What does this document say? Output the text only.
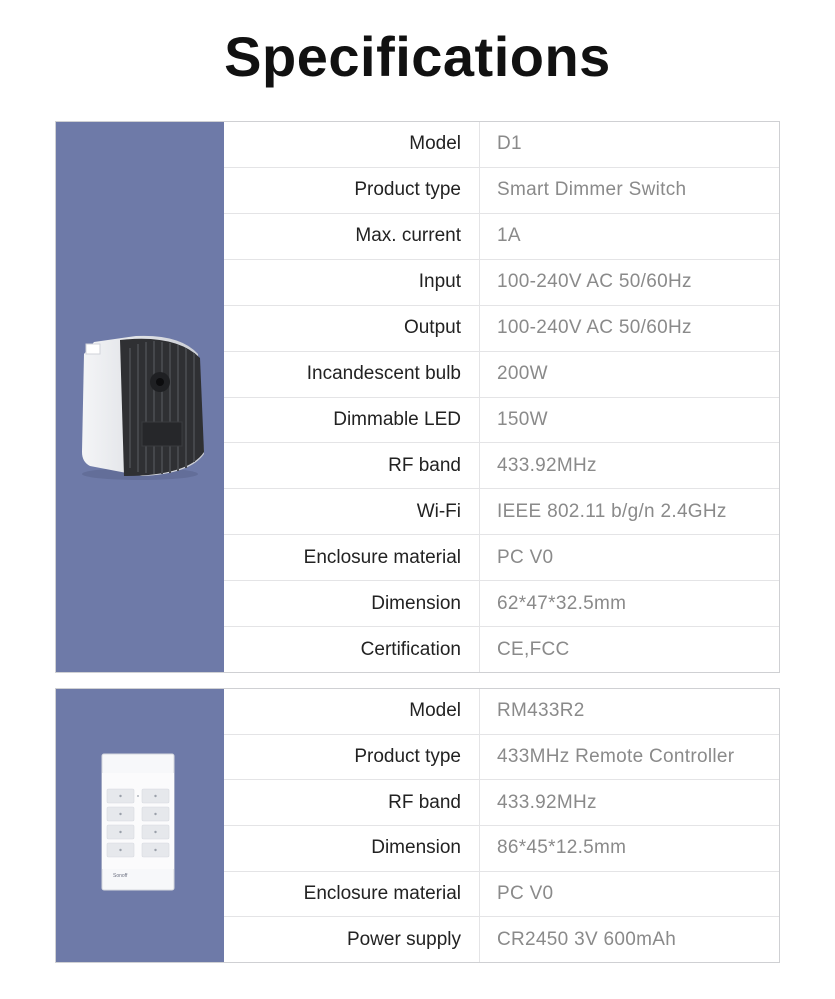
Specifications
Model	D1
Product type	Smart Dimmer Switch
Max. current	1A
Input	100-240V AC 50/60Hz
Output	100-240V AC 50/60Hz
Incandescent bulb	200W
Dimmable LED	150W
RF band	433.92MHz
Wi-Fi	IEEE 802.11 b/g/n 2.4GHz
Enclosure material	PC V0
Dimension	62*47*32.5mm
Certification	CE,FCC
Sonoff
Model	RM433R2
Product type	433MHz Remote Controller
RF band	433.92MHz
Dimension	86*45*12.5mm
Enclosure material	PC V0
Power supply	CR2450 3V 600mAh
